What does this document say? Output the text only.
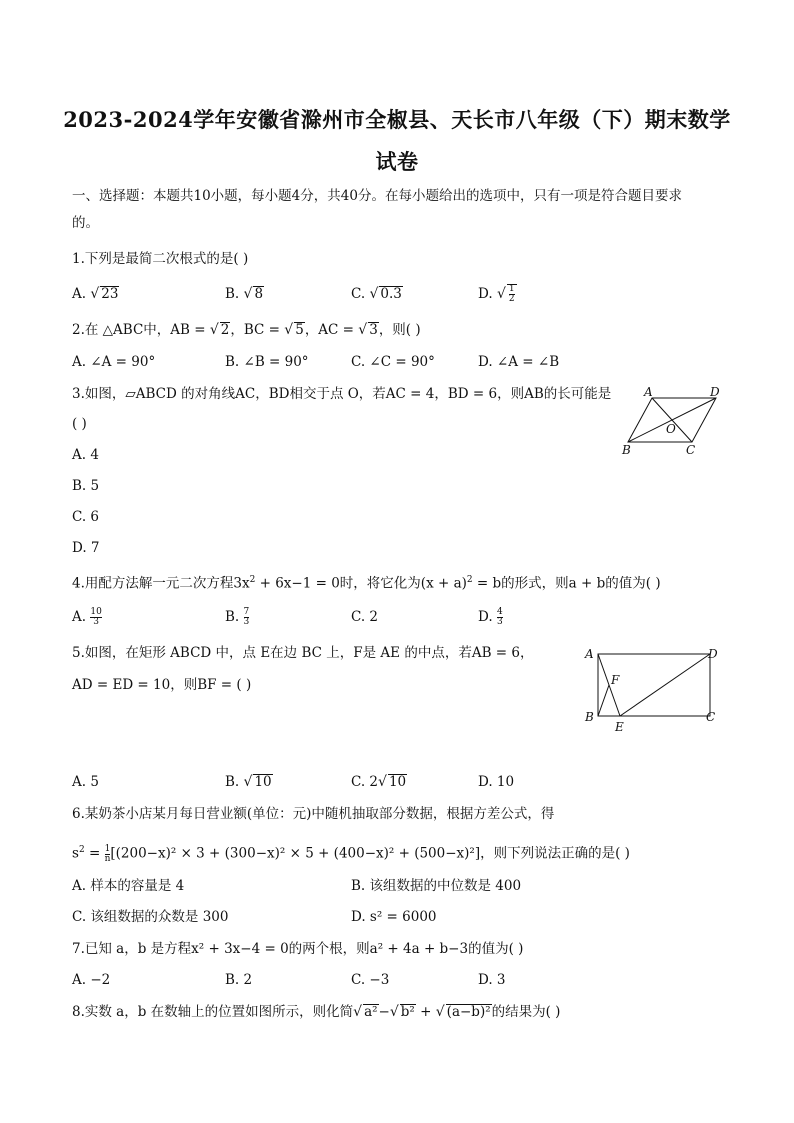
2023-2024学年安徽省滁州市全椒县、天长市八年级（下）期末数学
试卷
一、选择题：本题共10小题，每小题4分，共40分。在每小题给出的选项中，只有一项是符合题目要求
的。
1.下列是最简二次根式的是( )
A. √ 23	B. √ 8	C. √ 0.3	D. √ $\frac{1}{2}$
2.在 △ABC中，AB = √ 2，BC = √ 5，AC = √ 3，则( )
A. ∠A = 90°	B. ∠B = 90°	C. ∠C = 90°	D. ∠A = ∠B
3.如图，▱ABCD 的对角线AC，BD相交于点 O，若AC = 4，BD = 6，则AB的长可能是
( )
A. 4
B. 5
C. 6
D. 7
A	D
B	C
O
4.用配方法解一元二次方程$3x^2 + 6x-1 = 0$时，将它化为$(x + a)^2 = b$的形式，则a + b的值为( )
A. $\frac{10}{3}$	B. $\frac{7}{3}$	C. 2	D. $\frac{4}{3}$
5.如图，在矩形 ABCD 中，点 E在边 BC 上，F是 AE 的中点，若AB = 6，
AD = ED = 10，则BF = ( )
A	D
B	C
E
F
A. 5	B. √ 10	C. 2√ 10	D. 10
6.某奶茶小店某月每日营业额(单位：元)中随机抽取部分数据，根据方差公式，得
$s^2 = \frac{1}{n} [(200-x)^2 \times 3 + (300-x)^2 \times 5 + (400-x)^2 + (500-x)^2]$，则下列说法正确的是( )
A. 样本的容量是 4	B. 该组数据的中位数是 400
C. 该组数据的众数是 300	D. s² = 6000
7.已知 a，b 是方程x² + 3x−4 = 0的两个根，则a² + 4a + b−3的值为( )
A. −2	B. 2	C. −3	D. 3
8.实数 a，b 在数轴上的位置如图所示，则化简√ a²−√ b² + √ (a−b)²的结果为( )
